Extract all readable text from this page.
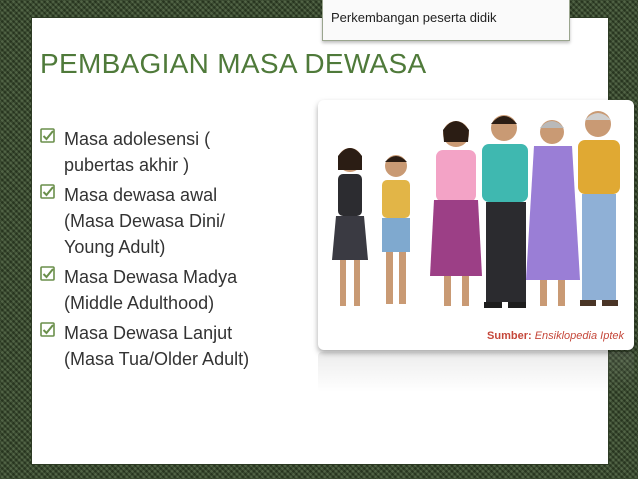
Perkembangan peserta didik
PEMBAGIAN MASA DEWASA
Masa adolesensi (
pubertas akhir )
Masa dewasa awal
(Masa Dewasa Dini/
Young Adult)
Masa Dewasa Madya
(Middle Adulthood)
Masa Dewasa Lanjut
(Masa Tua/Older Adult)
Sumber: Ensiklopedia Iptek
